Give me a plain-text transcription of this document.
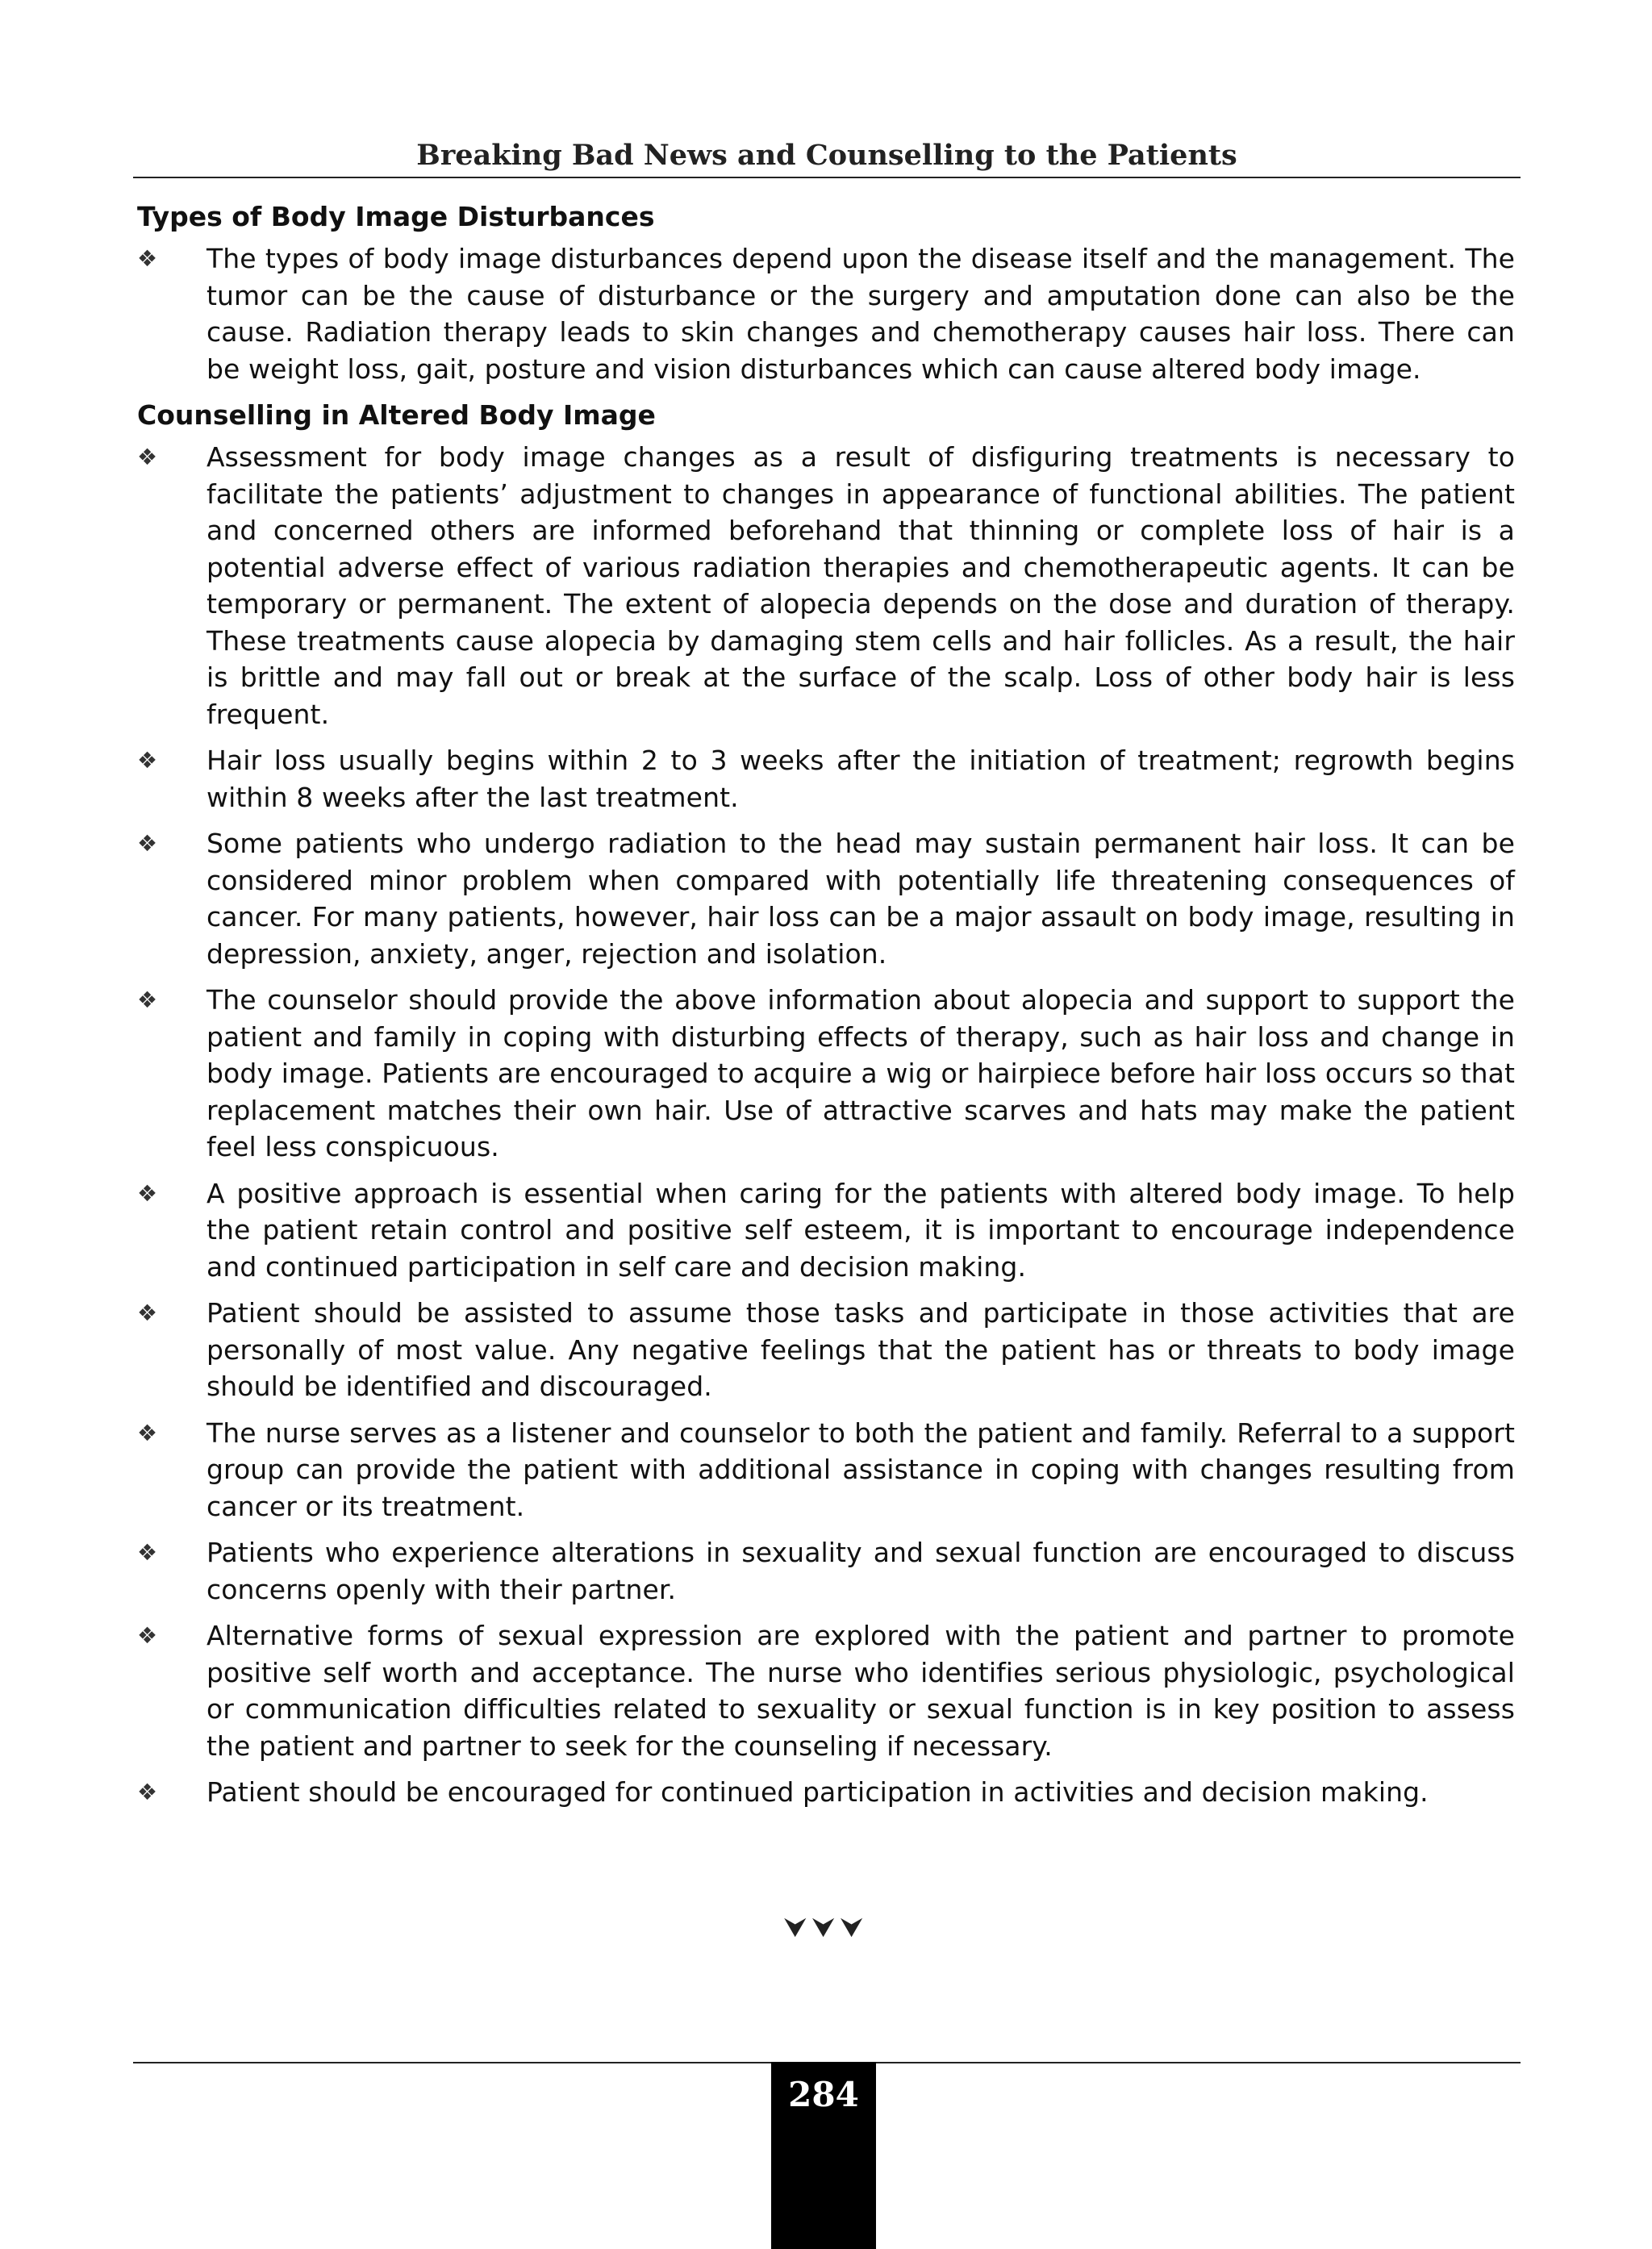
Breaking Bad News and Counselling to the Patients
Types of Body Image Disturbances
❖ The types of body image disturbances depend upon the disease itself and the management. The tumor can be the cause of disturbance or the surgery and amputation done can also be the cause. Radiation therapy leads to skin changes and chemotherapy causes hair loss. There can be weight loss, gait, posture and vision disturbances which can cause altered body image.
Counselling in Altered Body Image
❖ Assessment for body image changes as a result of disfiguring treatments is necessary to facilitate the patients’ adjustment to changes in appearance of functional abilities. The patient and concerned others are informed beforehand that thinning or complete loss of hair is a potential adverse effect of various radiation therapies and chemotherapeutic agents. It can be temporary or permanent. The extent of alopecia depends on the dose and duration of therapy. These treatments cause alopecia by damaging stem cells and hair follicles. As a result, the hair is brittle and may fall out or break at the surface of the scalp. Loss of other body hair is less frequent.
❖ Hair loss usually begins within 2 to 3 weeks after the initiation of treatment; regrowth begins within 8 weeks after the last treatment.
❖ Some patients who undergo radiation to the head may sustain permanent hair loss. It can be considered minor problem when compared with potentially life threatening consequences of cancer. For many patients, however, hair loss can be a major assault on body image, resulting in depression, anxiety, anger, rejection and isolation.
❖ The counselor should provide the above information about alopecia and support to support the patient and family in coping with disturbing effects of therapy, such as hair loss and change in body image. Patients are encouraged to acquire a wig or hairpiece before hair loss occurs so that replacement matches their own hair. Use of attractive scarves and hats may make the patient feel less conspicuous.
❖ A positive approach is essential when caring for the patients with altered body image. To help the patient retain control and positive self esteem, it is important to encourage independence and continued participation in self care and decision making.
❖ Patient should be assisted to assume those tasks and participate in those activities that are personally of most value. Any negative feelings that the patient has or threats to body image should be identified and discouraged.
❖ The nurse serves as a listener and counselor to both the patient and family. Referral to a support group can provide the patient with additional assistance in coping with changes resulting from cancer or its treatment.
❖ Patients who experience alterations in sexuality and sexual function are encouraged to discuss concerns openly with their partner.
❖ Alternative forms of sexual expression are explored with the patient and partner to promote positive self worth and acceptance. The nurse who identifies serious physiologic, psychological or communication difficulties related to sexuality or sexual function is in key position to assess the patient and partner to seek for the counseling if necessary.
❖ Patient should be encouraged for continued participation in activities and decision making.
⮟⮟⮟
284
